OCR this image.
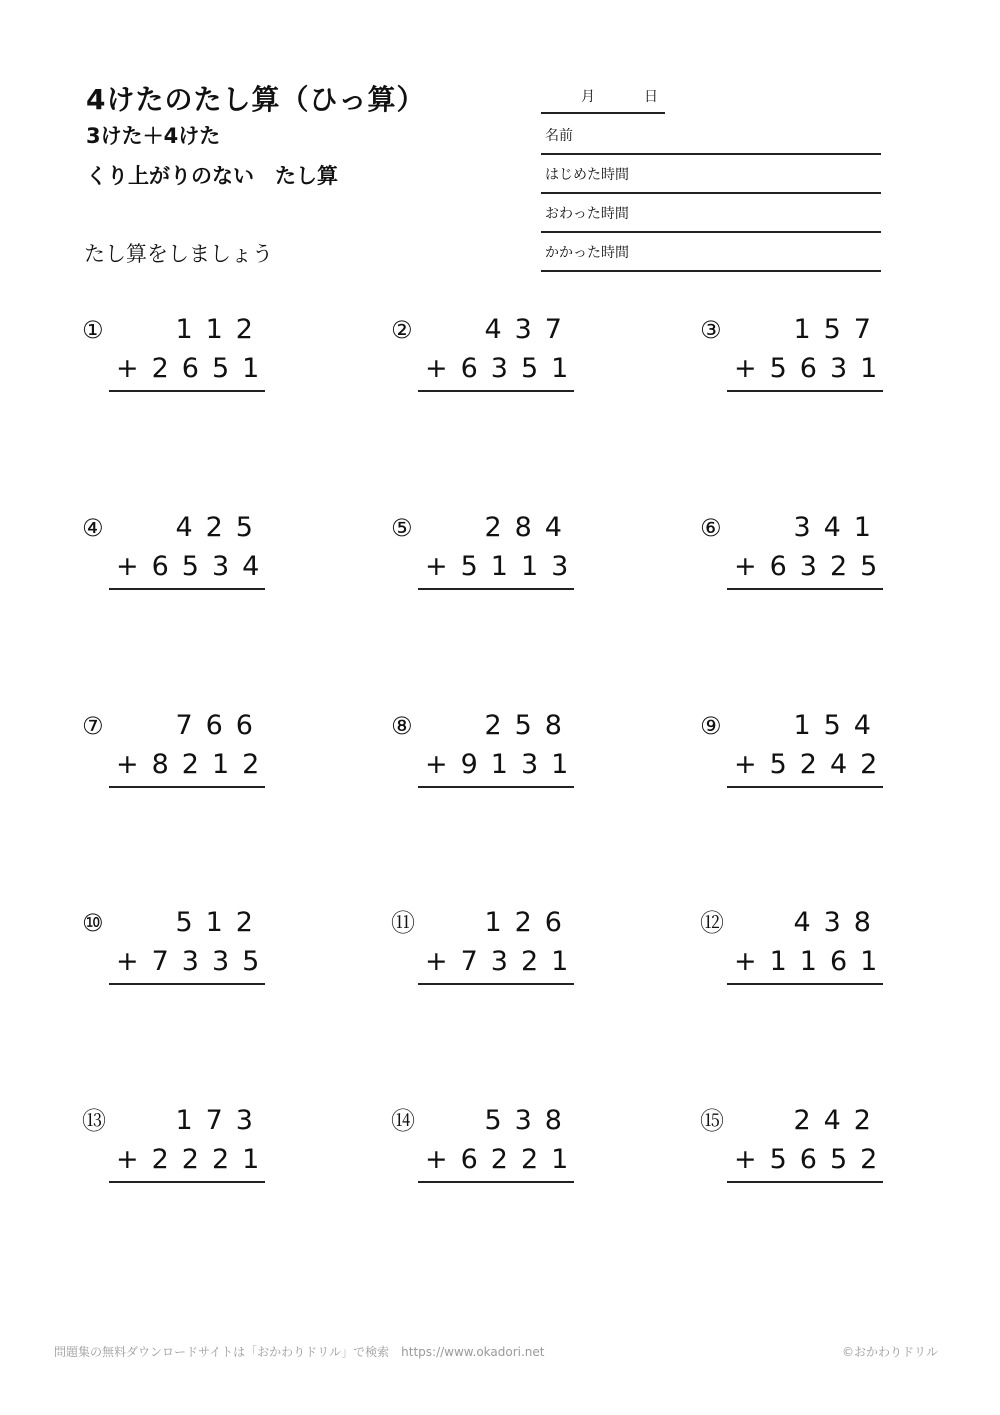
4けたのたし算（ひっ算）
3けた＋4けた
くり上がりのない　たし算
たし算をしましょう
月	日
名前
はじめた時間
おわった時間
かかった時間
①	112
+2651
②	437
+6351
③	157
+5631
④	425
+6534
⑤	284
+5113
⑥	341
+6325
⑦	766
+8212
⑧	258
+9131
⑨	154
+5242
⑩	512
+7335
⑪	126
+7321
⑫	438
+1161
⑬	173
+2221
⑭	538
+6221
⑮	242
+5652
問題集の無料ダウンロードサイトは「おかわりドリル」で検索　https://www.okadori.net	©おかわりドリル
